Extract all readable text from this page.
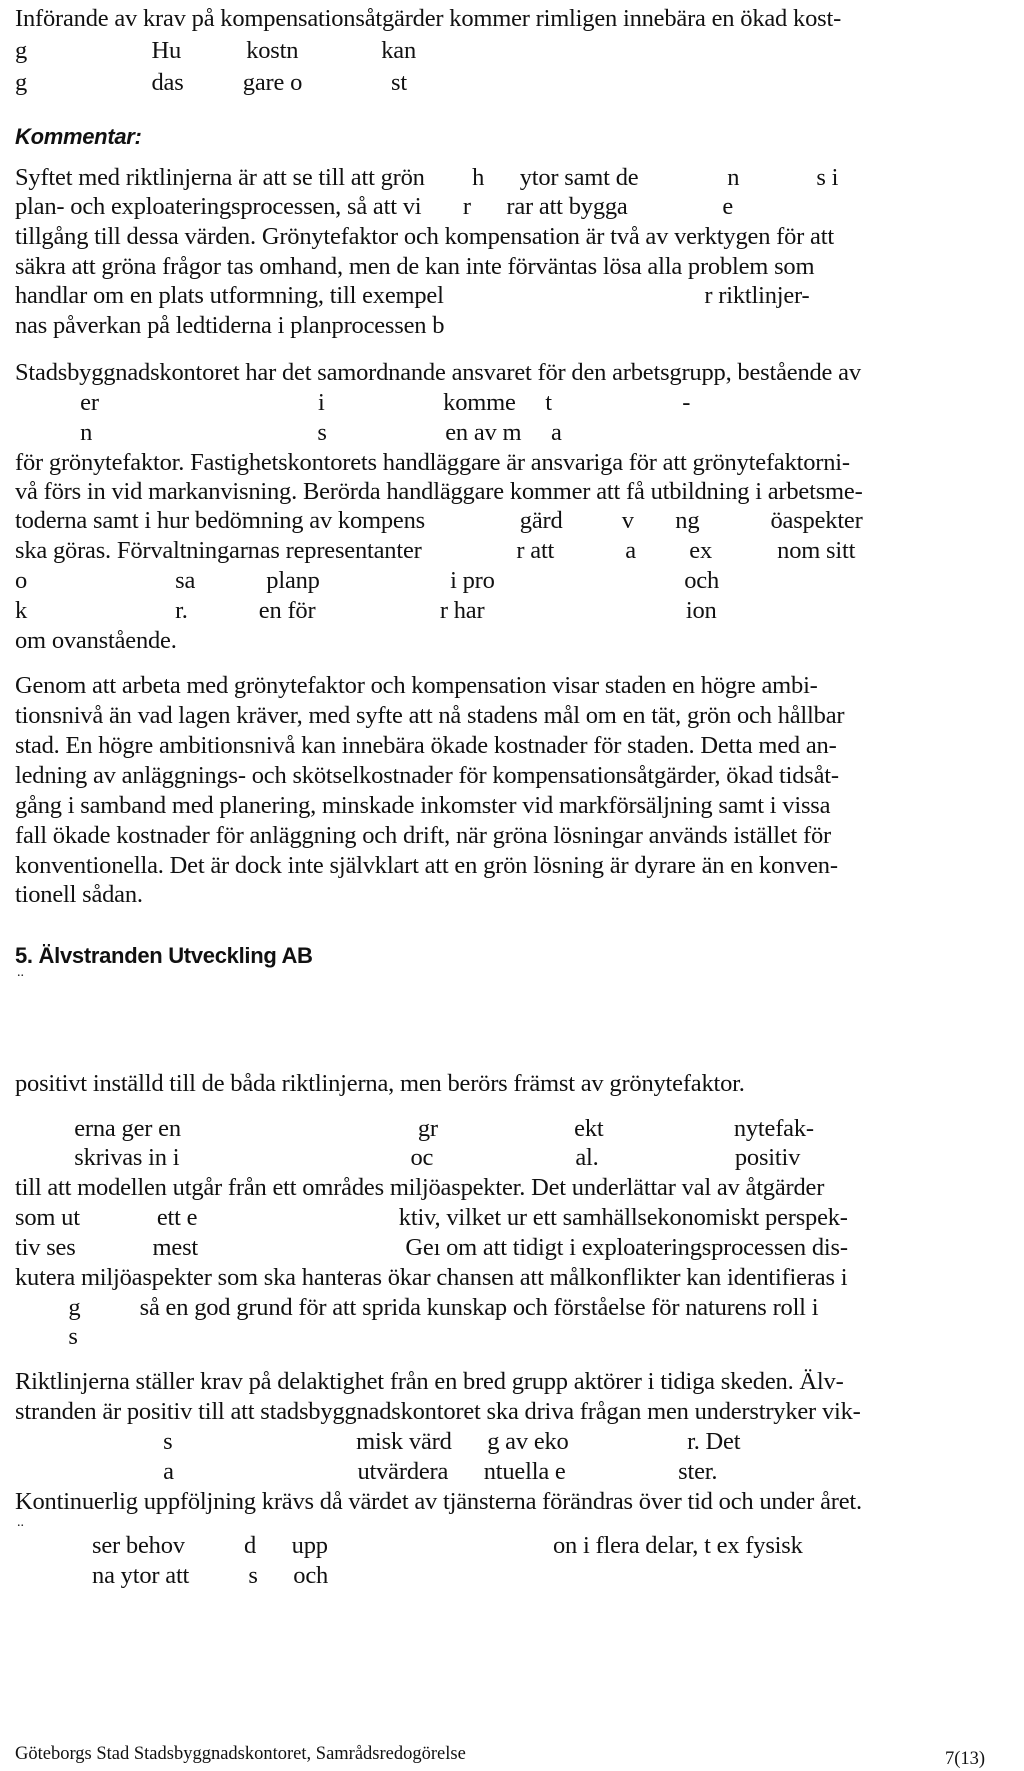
Införande av krav på kompensationsåtgärder kommer rimligen innebära en ökad kost-
g                     Hu           kostn              kan
g                     das          gare o               st
Kommentar:
Syftet med riktlinjerna är att se till att grön        h      ytor samt de               n             s i
plan- och exploateringsprocessen, så att vi       r      rar att bygga                e
tillgång till dessa värden. Grönytefaktor och kompensation är två av verktygen för att
säkra att gröna frågor tas omhand, men de kan inte förväntas lösa alla problem som
handlar om en plats utformning, till exempel                                            r riktlinjer-
nas påverkan på ledtiderna i planprocessen b
Stadsbyggnadskontoret har det samordnande ansvaret för den arbetsgrupp, bestående av
er                                     i                    komme     t                      -
n                                      s                    en av m     a
för grönytefaktor. Fastighetskontorets handläggare är ansvariga för att grönytefaktorni-
vå förs in vid markanvisning. Berörda handläggare kommer att få utbildning i arbetsme-
toderna samt i hur bedömning av kompens                gärd          v       ng            öaspekter
ska göras. Förvaltningarnas representanter                r att            a         ex           nom sitt
o                         sa            planp                      i pro                                och
k                         r.            en för                     r har                                  ion
om ovanstående.
Genom att arbeta med grönytefaktor och kompensation visar staden en högre ambi-
tionsnivå än vad lagen kräver, med syfte att nå stadens mål om en tät, grön och hållbar
stad. En högre ambitionsnivå kan innebära ökade kostnader för staden. Detta med an-
ledning av anläggnings- och skötselkostnader för kompensationsåtgärder, ökad tidsåt-
gång i samband med planering, minskade inkomster vid markförsäljning samt i vissa
fall ökade kostnader för anläggning och drift, när gröna lösningar används istället för
konventionella. Det är dock inte självklart att en grön lösning är dyrare än en konven-
tionell sådan.
5. Älvstranden Utveckling AB
..
positivt inställd till de båda riktlinjerna, men berörs främst av grönytefaktor.
erna ger en                                        gr                       ekt                      nytefak-
skrivas in i                                       oc                        al.                       positiv
till att modellen utgår från ett områdes miljöaspekter. Det underlättar val av åtgärder
som ut             ett e                                  ktiv, vilket ur ett samhällsekonomiskt perspek-
tiv ses             mest                                   Geı om att tidigt i exploateringsprocessen dis-
kutera miljöaspekter som ska hanteras ökar chansen att målkonflikter kan identifieras i
g          så en god grund för att sprida kunskap och förståelse för naturens roll i
s
Riktlinjerna ställer krav på delaktighet från en bred grupp aktörer i tidiga skeden. Älv-
stranden är positiv till att stadsbyggnadskontoret ska driva frågan men understryker vik-
s                               misk värd      g av eko                    r. Det
a                               utvärdera      ntuella e                   ster.
Kontinuerlig uppföljning krävs då värdet av tjänsterna förändras över tid och under året.
..
ser behov          d      upp                                      on i flera delar, t ex fysisk
na ytor att          s      och
Göteborgs Stad Stadsbyggnadskontoret, Samrådsredogörelse	7(13)
